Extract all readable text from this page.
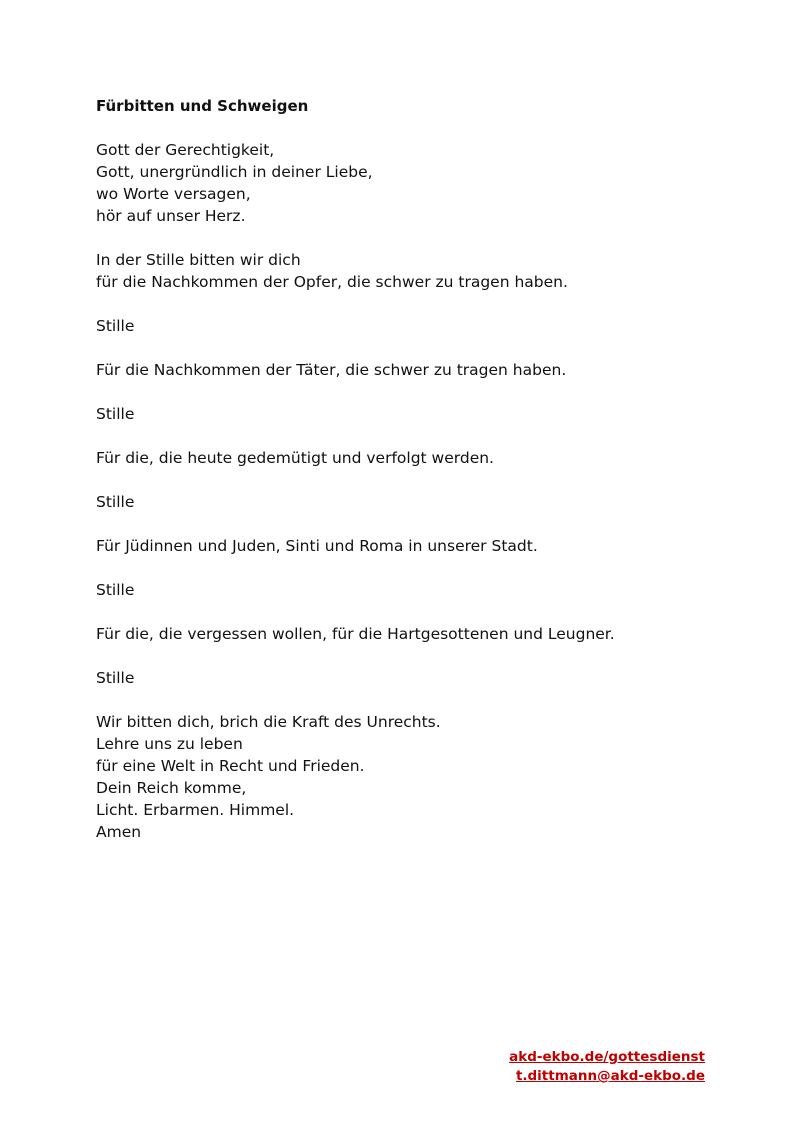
Fürbitten und Schweigen
Gott der Gerechtigkeit,
Gott, unergründlich in deiner Liebe,
wo Worte versagen,
hör auf unser Herz.
In der Stille bitten wir dich
für die Nachkommen der Opfer, die schwer zu tragen haben.
Stille
Für die Nachkommen der Täter, die schwer zu tragen haben.
Stille
Für die, die heute gedemütigt und verfolgt werden.
Stille
Für Jüdinnen und Juden, Sinti und Roma in unserer Stadt.
Stille
Für die, die vergessen wollen, für die Hartgesottenen und Leugner.
Stille
Wir bitten dich, brich die Kraft des Unrechts.
Lehre uns zu leben
für eine Welt in Recht und Frieden.
Dein Reich komme,
Licht. Erbarmen. Himmel.
Amen
akd-ekbo.de/gottesdienst
t.dittmann@akd-ekbo.de
